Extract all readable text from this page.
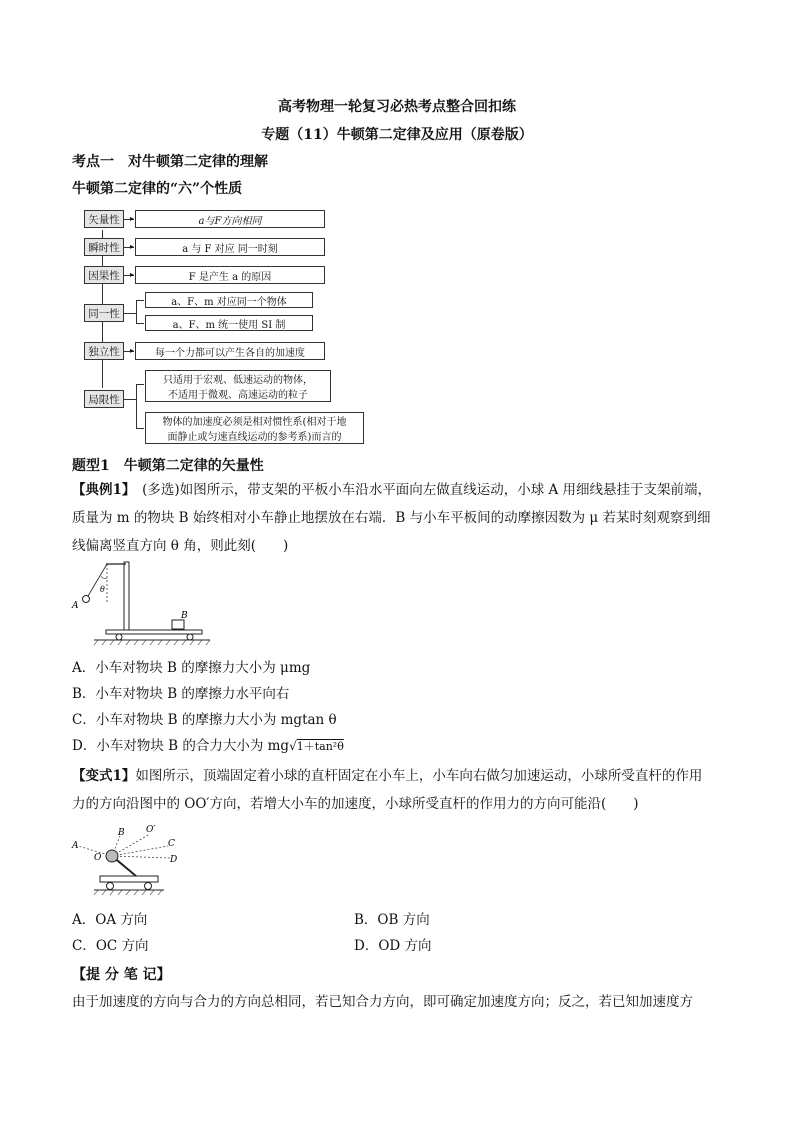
高考物理一轮复习必热考点整合回扣练
专题（11）牛顿第二定律及应用（原卷版）
考点一　对牛顿第二定律的理解
牛顿第二定律的“六”个性质
矢量性	▸	a与F方向相同
瞬时性	▸	a 与 F 对应 同一时刻
因果性	▸	F 是产生 a 的原因
同一性
a、F、m 对应同一个物体
a、F、m 统一使用 SI 制
独立性	▸	每一个力都可以产生各自的加速度
局限性
只适用于宏观、低速运动的物体，
不适用于微观、高速运动的粒子
物体的加速度必须是相对惯性系(相对于地
面静止或匀速直线运动的参考系)而言的
题型1　牛顿第二定律的矢量性
【典例1】　(多选)如图所示，带支架的平板小车沿水平面向左做直线运动，小球 A 用细线悬挂于支架前端，
质量为 m 的物块 B 始终相对小车静止地摆放在右端．B 与小车平板间的动摩擦因数为 μ 若某时刻观察到细
线偏离竖直方向 θ 角，则此刻(　　)
θ
A
B
A．小车对物块 B 的摩擦力大小为 μmg
B．小车对物块 B 的摩擦力水平向右
C．小车对物块 B 的摩擦力大小为 mgtan θ
D．小车对物块 B 的合力大小为 mg√1＋tan²θ
【变式1】如图所示，顶端固定着小球的直杆固定在小车上，小车向右做匀加速运动，小球所受直杆的作用
力的方向沿图中的 OO′方向，若增大小车的加速度，小球所受直杆的作用力的方向可能沿(　　)
A
B O′
C
O	D
A．OA 方向	B．OB 方向
C．OC 方向	D．OD 方向
【提 分 笔 记】
由于加速度的方向与合力的方向总相同，若已知合力方向，即可确定加速度方向；反之，若已知加速度方
